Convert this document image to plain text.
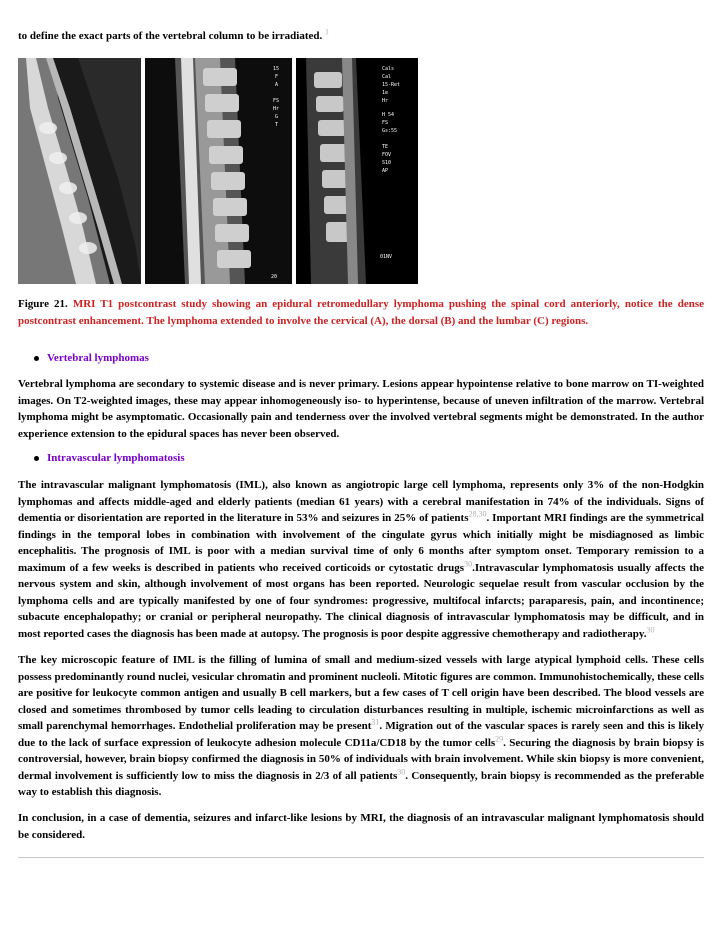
to define the exact parts of the vertebral column to be irradiated. $^1$
15
F
A
FS
Hr
G
T
20
Cals
Cal
15-Ret
1e
Hr
H 54
FS
Gs:55
TE
FOV
S10
AP
01NV

Figure 21. MRI T1 postcontrast study showing an epidural retromedullary lymphoma pushing the spinal cord anteriorly, notice the dense postcontrast enhancement. The lymphoma extended to involve the cervical (A), the dorsal (B) and the lumbar (C) regions.

Vertebral lymphomas

Vertebral lymphoma are secondary to systemic disease and is never primary. Lesions appear hypointense relative to bone marrow on TI-weighted images. On T2-weighted images, these may appear inhomogeneously iso- to hyperintense, because of uneven infiltration of the marrow. Vertebral lymphoma might be asymptomatic. Occasionally pain and tenderness over the involved vertebral segments might be demonstrated. In the author experience extension to the epidural spaces has never been observed.

Intravascular lymphomatosis

The intravascular malignant lymphomatosis (IML), also known as angiotropic large cell lymphoma, represents only 3% of the non-Hodgkin lymphomas and affects middle-aged and elderly patients (median 61 years) with a cerebral manifestation in 74% of the individuals. Signs of dementia or disorientation are reported in the literature in 53% and seizures in 25% of patients$^{28,30}$. Important MRI findings are the symmetrical findings in the temporal lobes in combination with involvement of the cingulate gyrus which initially might be misdiagnosed as limbic encephalitis. The prognosis of IML is poor with a median survival time of only 6 months after symptom onset. Temporary remission to a maximum of a few weeks is described in patients who received corticoids or cytostatic drugs$^{30}$.Intravascular lymphomatosis usually affects the nervous system and skin, although involvement of most organs has been reported. Neurologic sequelae result from vascular occlusion by the lymphoma cells and are typically manifested by one of four syndromes: progressive, multifocal infarcts; paraparesis, pain, and incontinence; subacute encephalopathy; or cranial or peripheral neuropathy. The clinical diagnosis of intravascular lymphomatosis may be difficult, and in most reported cases the diagnosis has been made at autopsy. The prognosis is poor despite aggressive chemotherapy and radiotherapy.$^{30}$

The key microscopic feature of IML is the filling of lumina of small and medium-sized vessels with large atypical lymphoid cells. These cells possess predominantly round nuclei, vesicular chromatin and prominent nucleoli. Mitotic figures are common. Immunohistochemically, these cells are positive for leukocyte common antigen and usually B cell markers, but a few cases of T cell origin have been described. The blood vessels are closed and sometimes thrombosed by tumor cells leading to circulation disturbances resulting in multiple, ischemic microinfarctions as well as small parenchymal hemorrhages. Endothelial proliferation may be present$^{31}$. Migration out of the vascular spaces is rarely seen and this is likely due to the lack of surface expression of leukocyte adhesion molecule CD11a/CD18 by the tumor cells$^{29}$. Securing the diagnosis by brain biopsy is controversial, however, brain biopsy confirmed the diagnosis in 50% of individuals with brain involvement. While skin biopsy is more convenient, dermal involvement is sufficiently low to miss the diagnosis in 2/3 of all patients$^{30}$. Consequently, brain biopsy is recommended as the preferable way to establish this diagnosis.

In conclusion, in a case of dementia, seizures and infarct-like lesions by MRI, the diagnosis of an intravascular malignant lymphomatosis should be considered.
